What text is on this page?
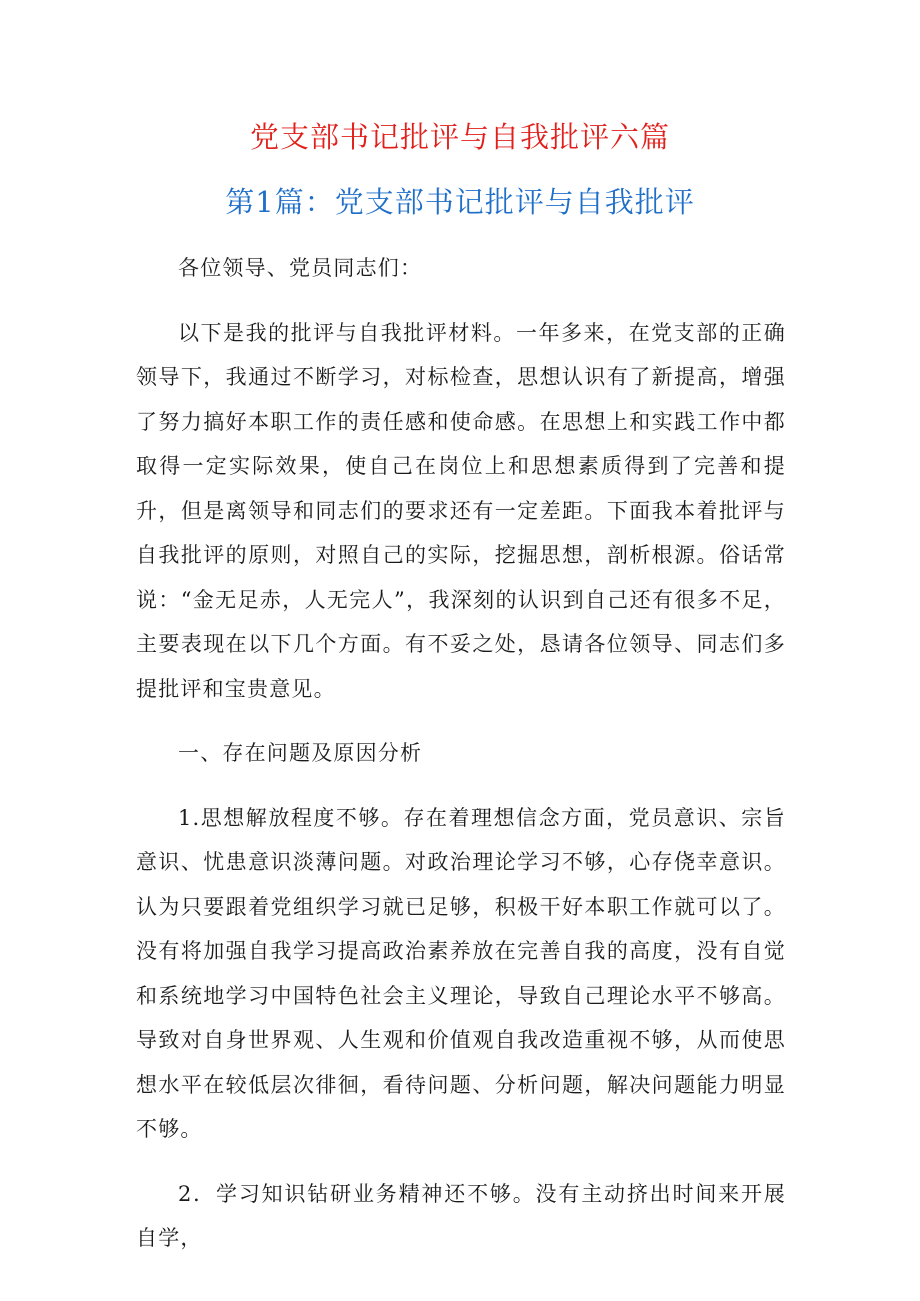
党支部书记批评与自我批评六篇
第1篇：党支部书记批评与自我批评

各位领导、党员同志们：

以下是我的批评与自我批评材料。一年多来，在党支部的正确领导下，我通过不断学习，对标检查，思想认识有了新提高，增强了努力搞好本职工作的责任感和使命感。在思想上和实践工作中都取得一定实际效果，使自己在岗位上和思想素质得到了完善和提升，但是离领导和同志们的要求还有一定差距。下面我本着批评与自我批评的原则，对照自己的实际，挖掘思想，剖析根源。俗话常说：“金无足赤，人无完人”，我深刻的认识到自己还有很多不足，主要表现在以下几个方面。有不妥之处，恳请各位领导、同志们多提批评和宝贵意见。

一、存在问题及原因分析

1.思想解放程度不够。存在着理想信念方面，党员意识、宗旨意识、忧患意识淡薄问题。对政治理论学习不够，心存侥幸意识。认为只要跟着党组织学习就已足够，积极干好本职工作就可以了。没有将加强自我学习提高政治素养放在完善自我的高度，没有自觉和系统地学习中国特色社会主义理论，导致自己理论水平不够高。导致对自身世界观、人生观和价值观自我改造重视不够，从而使思想水平在较低层次徘徊，看待问题、分析问题，解决问题能力明显不够。

2．学习知识钻研业务精神还不够。没有主动挤出时间来开展自学，
